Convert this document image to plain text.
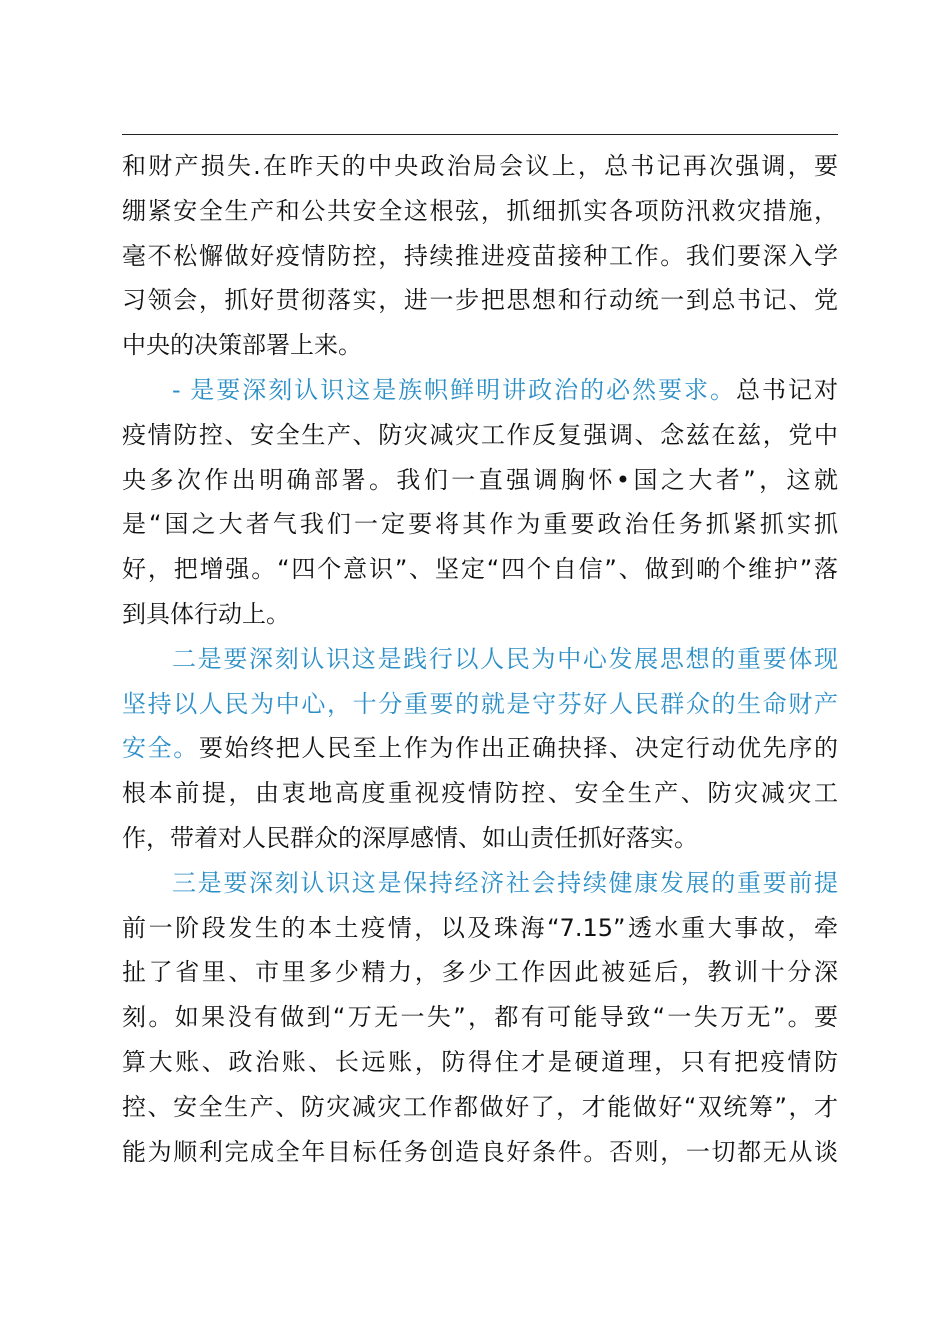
和财产损失.在昨天的中央政治局会议上，总书记再次强调，要
绷紧安全生产和公共安全这根弦，抓细抓实各项防汛救灾措施，
毫不松懈做好疫情防控，持续推进疫苗接种工作。我们要深入学
习领会，抓好贯彻落实，进一步把思想和行动统一到总书记、党
中央的决策部署上来。
- 是要深刻认识这是族帜鲜明讲政治的必然要求。总书记对
疫情防控、安全生产、防灾减灾工作反复强调、念兹在兹，党中
央多次作出明确部署。我们一直强调胸怀•国之大者”，这就
是“国之大者气我们一定要将其作为重要政治任务抓紧抓实抓
好，把增强。“四个意识”、坚定“四个自信”、做到啲个维护”落
到具体行动上。
二是要深刻认识这是践行以人民为中心发展思想的重要体现
坚持以人民为中心，十分重要的就是守芬好人民群众的生命财产
安全。要始终把人民至上作为作出正确抉择、决定行动优先序的
根本前提，由衷地高度重视疫情防控、安全生产、防灾减灾工
作，带着对人民群众的深厚感情、如山责任抓好落实。
三是要深刻认识这是保持经济社会持续健康发展的重要前提
前一阶段发生的本土疫情，以及珠海“7.15”透水重大事故，牵
扯了省里、市里多少精力，多少工作因此被延后，教训十分深
刻。如果没有做到“万无一失”，都有可能导致“一失万无”。要
算大账、政治账、长远账，防得住才是硬道理，只有把疫情防
控、安全生产、防灾减灾工作都做好了，才能做好“双统筹”，才
能为顺利完成全年目标任务创造良好条件。否则，一切都无从谈
